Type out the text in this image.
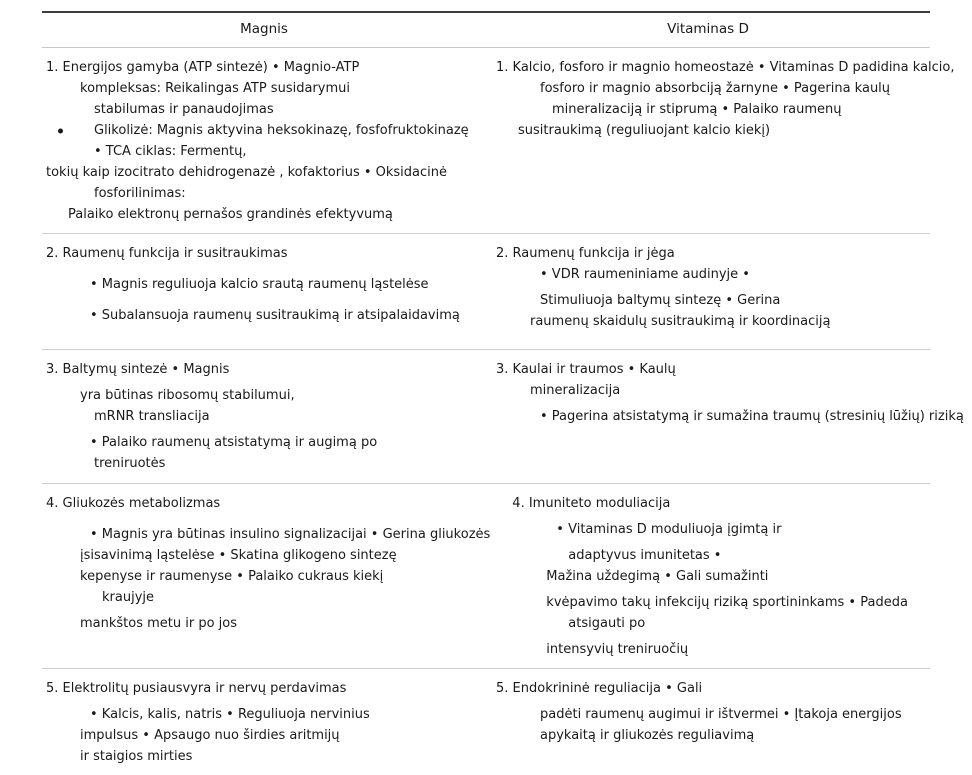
Magnis	Vitaminas D
1. Energijos gamyba (ATP sintezė) • Magnio-ATP
kompleksas: Reikalingas ATP susidarymui
stabilumas ir panaudojimas
Glikolizė: Magnis aktyvina heksokinazę, fosfofruktokinazę
• TCA ciklas: Fermentų,
tokių kaip izocitrato dehidrogenazė , kofaktorius • Oksidacinė
fosforilinimas:
Palaiko elektronų pernašos grandinės efektyvumą
1. Kalcio, fosforo ir magnio homeostazė • Vitaminas D padidina kalcio,
fosforo ir magnio absorbciją žarnyne • Pagerina kaulų
mineralizaciją ir stiprumą • Palaiko raumenų
susitraukimą (reguliuojant kalcio kiekį)
2. Raumenų funkcija ir susitraukimas
• Magnis reguliuoja kalcio srautą raumenų ląstelėse
• Subalansuoja raumenų susitraukimą ir atsipalaidavimą
2. Raumenų funkcija ir jėga
• VDR raumeniniame audinyje •
Stimuliuoja baltymų sintezę • Gerina
raumenų skaidulų susitraukimą ir koordinaciją
3. Baltymų sintezė • Magnis
yra būtinas ribosomų stabilumui,
mRNR transliacija
• Palaiko raumenų atsistatymą ir augimą po
treniruotės
3. Kaulai ir traumos • Kaulų
mineralizacija
• Pagerina atsistatymą ir sumažina traumų (stresinių lūžių) riziką
4. Gliukozės metabolizmas
• Magnis yra būtinas insulino signalizacijai • Gerina gliukozės
įsisavinimą ląstelėse • Skatina glikogeno sintezę
kepenyse ir raumenyse • Palaiko cukraus kiekį
kraujyje
mankštos metu ir po jos
4. Imuniteto moduliacija
• Vitaminas D moduliuoja įgimtą ir
adaptyvus imunitetas •
Mažina uždegimą • Gali sumažinti
kvėpavimo takų infekcijų riziką sportininkams • Padeda
atsigauti po
intensyvių treniruočių
5. Elektrolitų pusiausvyra ir nervų perdavimas
• Kalcis, kalis, natris • Reguliuoja nervinius
impulsus • Apsaugo nuo širdies aritmijų
ir staigios mirties
5. Endokrininė reguliacija • Gali
padėti raumenų augimui ir ištvermei • Įtakoja energijos
apykaitą ir gliukozės reguliavimą
